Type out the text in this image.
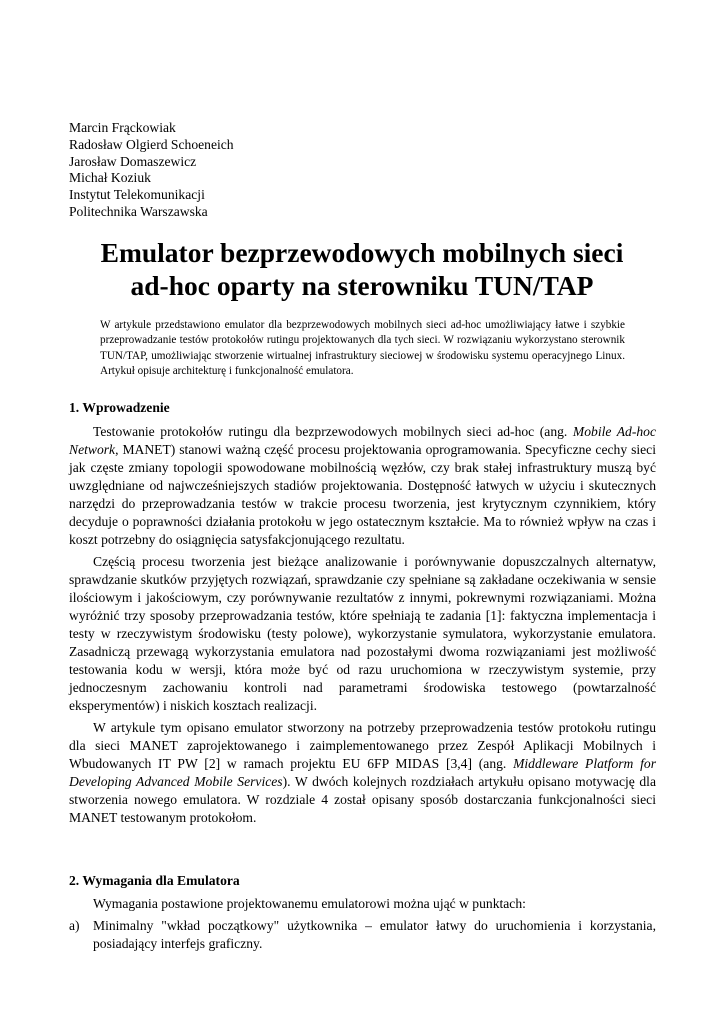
Marcin Frąckowiak
Radosław Olgierd Schoeneich
Jarosław Domaszewicz
Michał Koziuk
Instytut Telekomunikacji
Politechnika Warszawska
Emulator bezprzewodowych mobilnych sieci
ad-hoc oparty na sterowniku TUN/TAP
W artykule przedstawiono emulator dla bezprzewodowych mobilnych sieci ad-hoc umożliwiający łatwe i szybkie przeprowadzanie testów protokołów rutingu projektowanych dla tych sieci. W rozwiązaniu wykorzystano sterownik TUN/TAP, umożliwiając stworzenie wirtualnej infrastruktury sieciowej w środowisku systemu operacyjnego Linux. Artykuł opisuje architekturę i funkcjonalność emulatora.
1. Wprowadzenie

Testowanie protokołów rutingu dla bezprzewodowych mobilnych sieci ad-hoc (ang. Mobile Ad-hoc Network, MANET) stanowi ważną część procesu projektowania oprogramowania. Specyficzne cechy sieci jak częste zmiany topologii spowodowane mobilnością węzłów, czy brak stałej infrastruktury muszą być uwzględniane od najwcześniejszych stadiów projektowania. Dostępność łatwych w użyciu i skutecznych narzędzi do przeprowadzania testów w trakcie procesu tworzenia, jest krytycznym czynnikiem, który decyduje o poprawności działania protokołu w jego ostatecznym kształcie. Ma to również wpływ na czas i koszt potrzebny do osiągnięcia satysfakcjonującego rezultatu.

Częścią procesu tworzenia jest bieżące analizowanie i porównywanie dopuszczalnych alternatyw, sprawdzanie skutków przyjętych rozwiązań, sprawdzanie czy spełniane są zakładane oczekiwania w sensie ilościowym i jakościowym, czy porównywanie rezultatów z innymi, pokrewnymi rozwiązaniami. Można wyróżnić trzy sposoby przeprowadzania testów, które spełniają te zadania [1]: faktyczna implementacja i testy w rzeczywistym środowisku (testy polowe), wykorzystanie symulatora, wykorzystanie emulatora. Zasadniczą przewagą wykorzystania emulatora nad pozostałymi dwoma rozwiązaniami jest możliwość testowania kodu w wersji, która może być od razu uruchomiona w rzeczywistym systemie, przy jednoczesnym zachowaniu kontroli nad parametrami środowiska testowego (powtarzalność eksperymentów) i niskich kosztach realizacji.

W artykule tym opisano emulator stworzony na potrzeby przeprowadzenia testów protokołu rutingu dla sieci MANET zaprojektowanego i zaimplementowanego przez Zespół Aplikacji Mobilnych i Wbudowanych IT PW [2] w ramach projektu EU 6FP MIDAS [3,4] (ang. Middleware Platform for Developing Advanced Mobile Services). W dwóch kolejnych rozdziałach artykułu opisano motywację dla stworzenia nowego emulatora. W rozdziale 4 został opisany sposób dostarczania funkcjonalności sieci MANET testowanym protokołom.

2. Wymagania dla Emulatora

Wymagania postawione projektowanemu emulatorowi można ująć w punktach:

a) Minimalny "wkład początkowy" użytkownika – emulator łatwy do uruchomienia i korzystania, posiadający interfejs graficzny.
